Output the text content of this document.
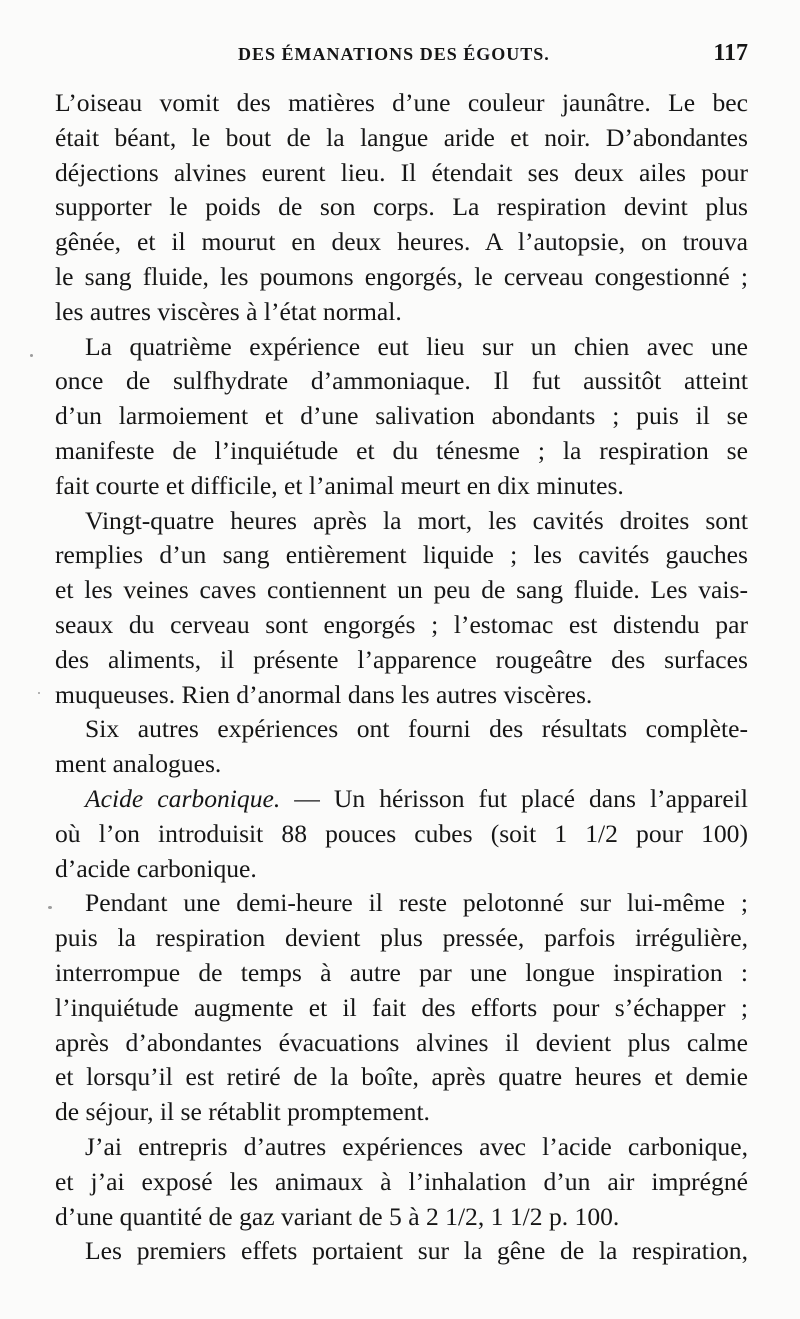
DES ÉMANATIONS DES ÉGOUTS.	117
L’oiseau vomit des matières d’une couleur jaunâtre. Le bec
était béant, le bout de la langue aride et noir. D’abondantes
déjections alvines eurent lieu. Il étendait ses deux ailes pour
supporter le poids de son corps. La respiration devint plus
gênée, et il mourut en deux heures. A l’autopsie, on trouva
le sang fluide, les poumons engorgés, le cerveau congestionné ;
les autres viscères à l’état normal.
La quatrième expérience eut lieu sur un chien avec une
once de sulfhydrate d’ammoniaque. Il fut aussitôt atteint
d’un larmoiement et d’une salivation abondants ; puis il se
manifeste de l’inquiétude et du ténesme ; la respiration se
fait courte et difficile, et l’animal meurt en dix minutes.
Vingt-quatre heures après la mort, les cavités droites sont
remplies d’un sang entièrement liquide ; les cavités gauches
et les veines caves contiennent un peu de sang fluide. Les vais-
seaux du cerveau sont engorgés ; l’estomac est distendu par
des aliments, il présente l’apparence rougeâtre des surfaces
muqueuses. Rien d’anormal dans les autres viscères.
Six autres expériences ont fourni des résultats complète-
ment analogues.
Acide carbonique. — Un hérisson fut placé dans l’appareil
où l’on introduisit 88 pouces cubes (soit 1 1/2 pour 100)
d’acide carbonique.
Pendant une demi-heure il reste pelotonné sur lui-même ;
puis la respiration devient plus pressée, parfois irrégulière,
interrompue de temps à autre par une longue inspiration :
l’inquiétude augmente et il fait des efforts pour s’échapper ;
après d’abondantes évacuations alvines il devient plus calme
et lorsqu’il est retiré de la boîte, après quatre heures et demie
de séjour, il se rétablit promptement.
J’ai entrepris d’autres expériences avec l’acide carbonique,
et j’ai exposé les animaux à l’inhalation d’un air imprégné
d’une quantité de gaz variant de 5 à 2 1/2, 1 1/2 p. 100.
Les premiers effets portaient sur la gêne de la respiration,
